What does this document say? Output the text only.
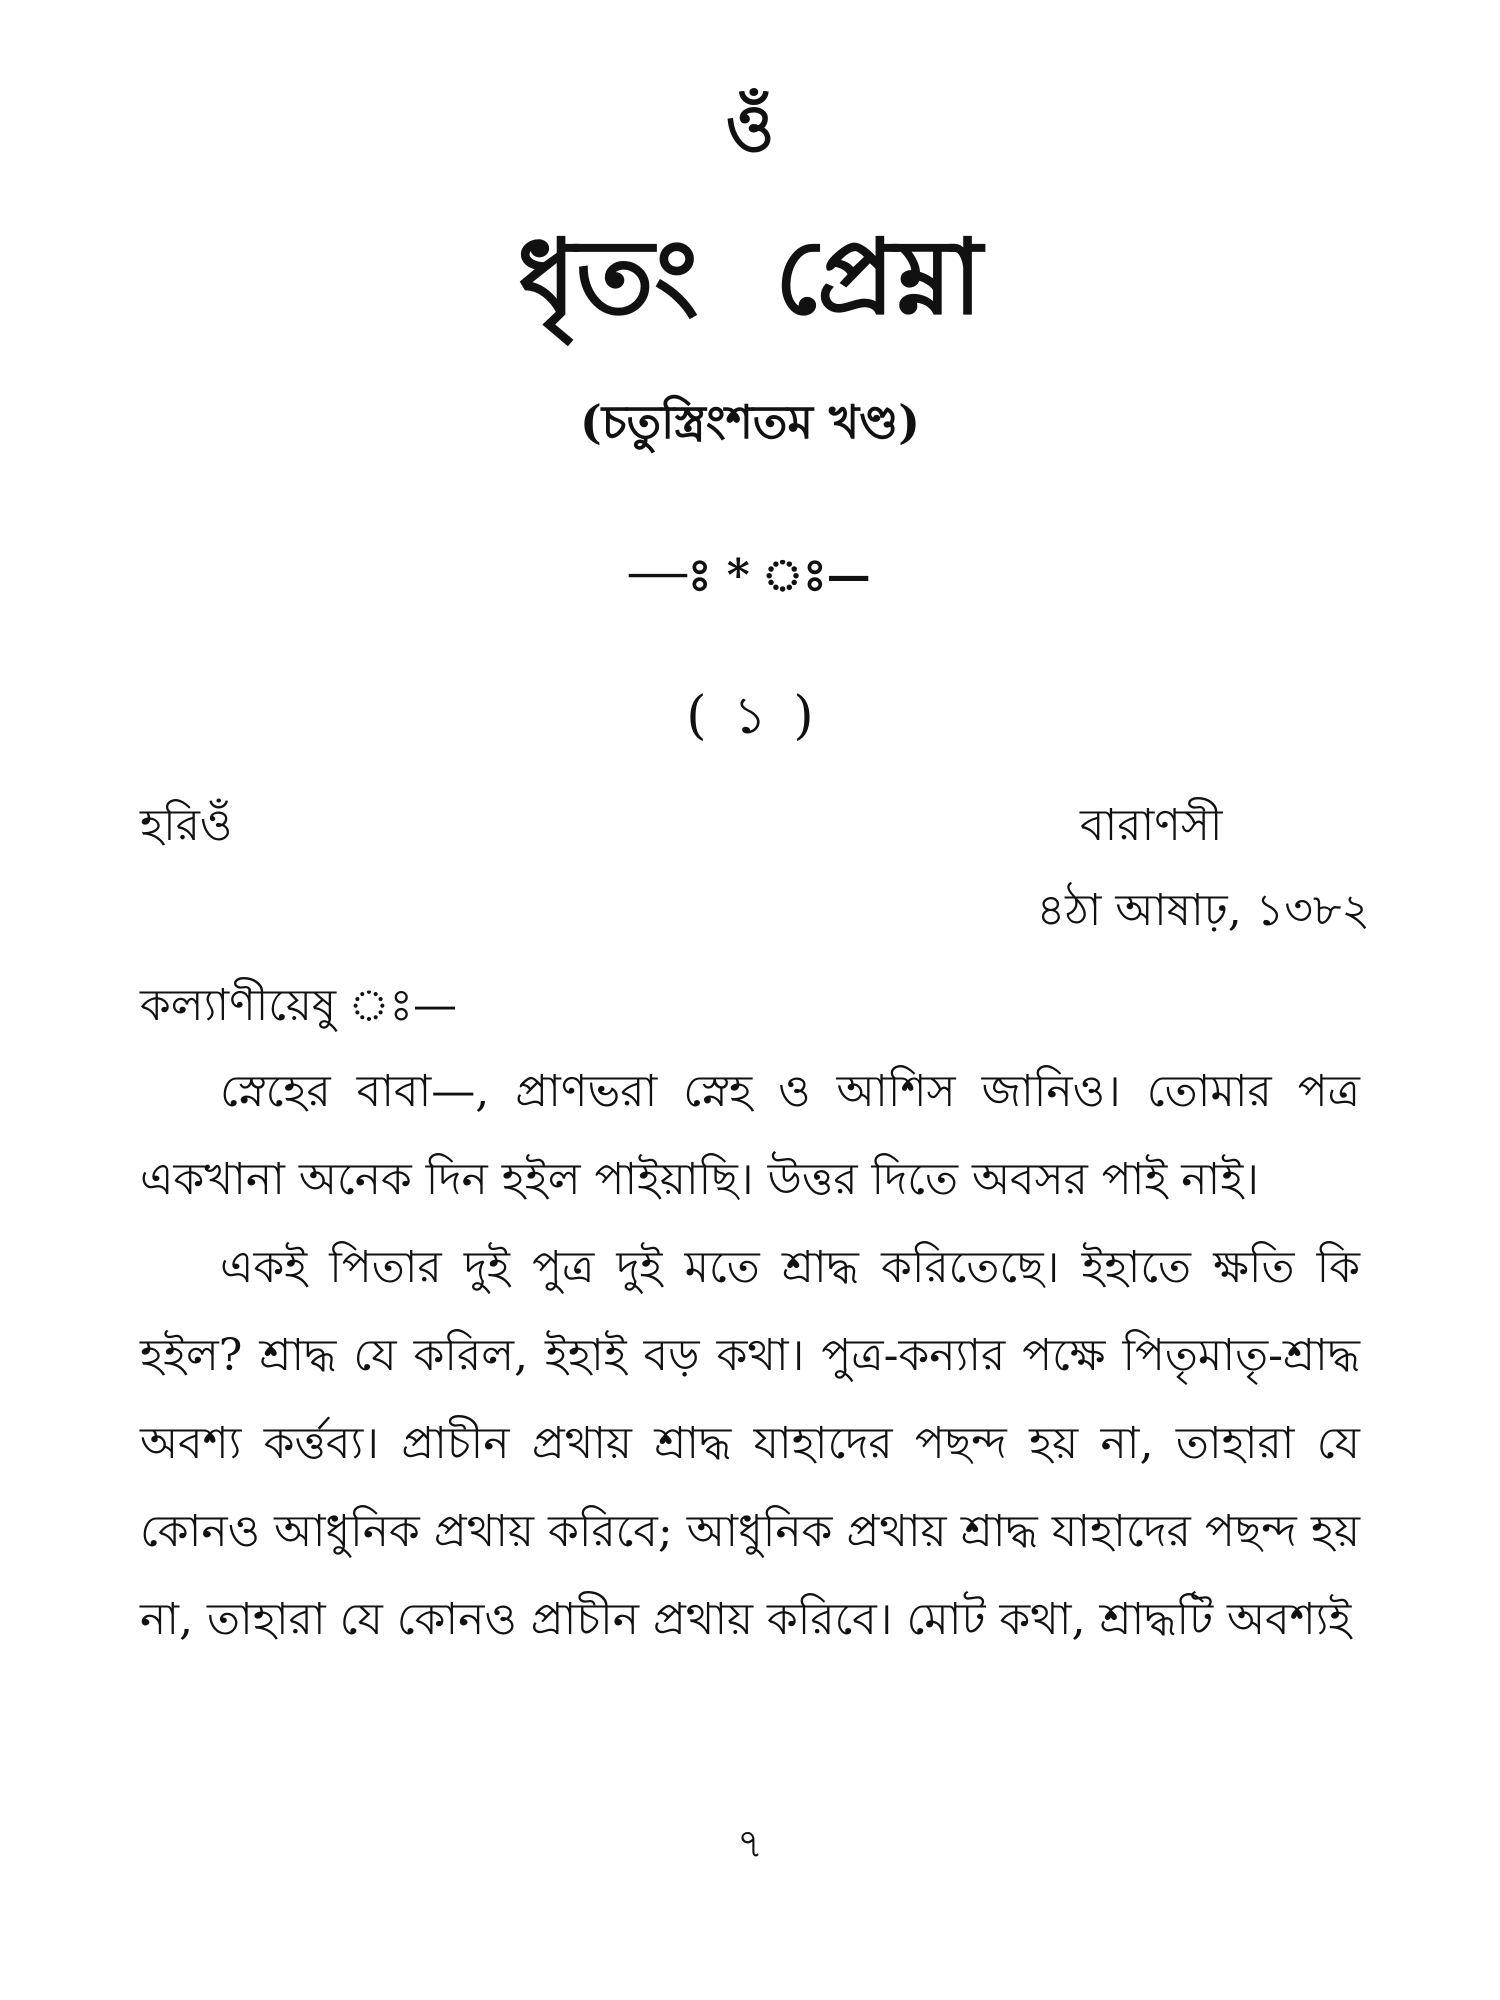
ওঁ
ধৃতং প্রেম্না
(চতুস্ত্রিংশতম খণ্ড)
—ঃ * ঃ—
( ১ )
হরিওঁ	বারাণসী
৪ঠা আষাঢ়, ১৩৮২
কল্যাণীয়েষু ঃ—

স্নেহের বাবা—, প্রাণভরা স্নেহ ও আশিস জানিও। তোমার পত্র একখানা অনেক দিন হইল পাইয়াছি। উত্তর দিতে অবসর পাই নাই।

একই পিতার দুই পুত্র দুই মতে শ্রাদ্ধ করিতেছে। ইহাতে ক্ষতি কি হইল? শ্রাদ্ধ যে করিল, ইহাই বড় কথা। পুত্র-কন্যার পক্ষে পিতৃমাতৃ-শ্রাদ্ধ অবশ্য কর্ত্তব্য। প্রাচীন প্রথায় শ্রাদ্ধ যাহাদের পছন্দ হয় না, তাহারা যে কোনও আধুনিক প্রথায় করিবে; আধুনিক প্রথায় শ্রাদ্ধ যাহাদের পছন্দ হয় না, তাহারা যে কোনও প্রাচীন প্রথায় করিবে। মোট কথা, শ্রাদ্ধটি অবশ্যই

৭
